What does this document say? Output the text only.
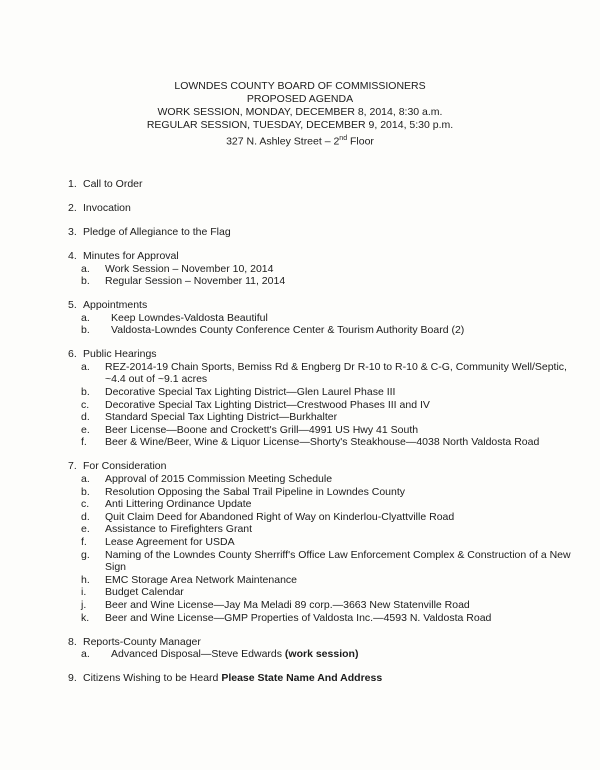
LOWNDES COUNTY BOARD OF COMMISSIONERS
PROPOSED AGENDA
WORK SESSION, MONDAY, DECEMBER 8, 2014, 8:30 a.m.
REGULAR SESSION, TUESDAY, DECEMBER 9, 2014, 5:30 p.m.
327 N. Ashley Street – 2nd Floor
1. Call to Order
2. Invocation
3. Pledge of Allegiance to the Flag
4. Minutes for Approval
a.	Work Session – November 10, 2014
b.	Regular Session – November 11, 2014
5. Appointments
a.	Keep Lowndes-Valdosta Beautiful
b.	Valdosta-Lowndes County Conference Center & Tourism Authority Board (2)
6. Public Hearings
a.	REZ-2014-19 Chain Sports, Bemiss Rd & Engberg Dr R-10 to R-10 & C-G, Community Well/Septic, ~4.4 out of ~9.1 acres
b.	Decorative Special Tax Lighting District—Glen Laurel Phase III
c.	Decorative Special Tax Lighting District—Crestwood Phases III and IV
d.	Standard Special Tax Lighting District—Burkhalter
e.	Beer License—Boone and Crockett's Grill—4991 US Hwy 41 South
f.	Beer & Wine/Beer, Wine & Liquor License—Shorty's Steakhouse—4038 North Valdosta Road
7. For Consideration
a.	Approval of 2015 Commission Meeting Schedule
b.	Resolution Opposing the Sabal Trail Pipeline in Lowndes County
c.	Anti Littering Ordinance Update
d.	Quit Claim Deed for Abandoned Right of Way on Kinderlou-Clyattville Road
e.	Assistance to Firefighters Grant
f.	Lease Agreement for USDA
g.	Naming of the Lowndes County Sherriff's Office Law Enforcement Complex & Construction of a New Sign
h.	EMC Storage Area Network Maintenance
i.	Budget Calendar
j.	Beer and Wine License—Jay Ma Meladi 89 corp.—3663 New Statenville Road
k.	Beer and Wine License—GMP Properties of Valdosta Inc.—4593 N. Valdosta Road
8. Reports-County Manager
a.	Advanced Disposal—Steve Edwards (work session)
9. Citizens Wishing to be Heard Please State Name And Address
